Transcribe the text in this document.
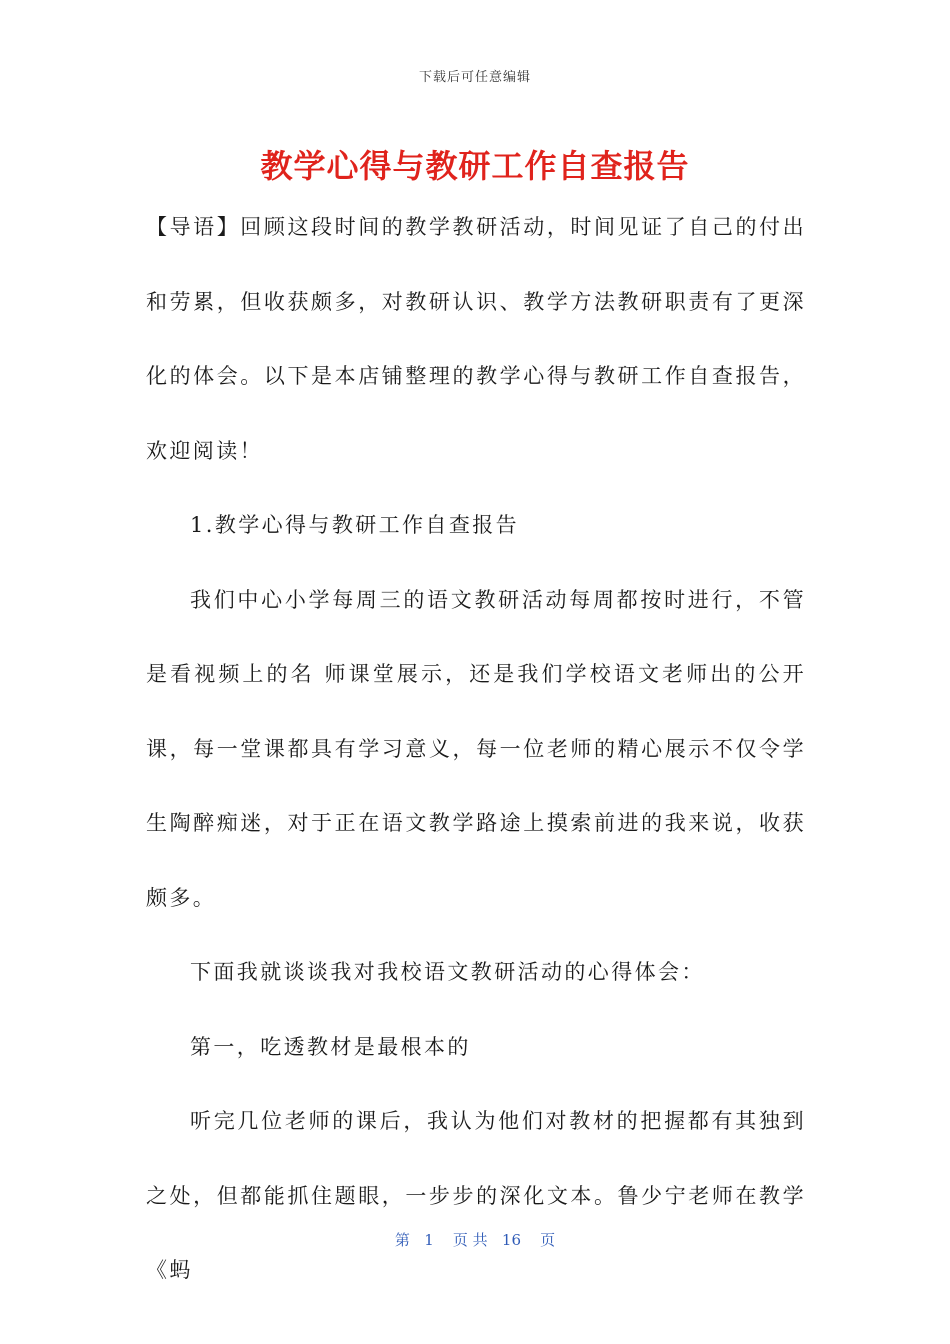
下载后可任意编辑
教学心得与教研工作自查报告

【导语】回顾这段时间的教学教研活动，时间见证了自己的付出和劳累，但收获颇多，对教研认识、教学方法教研职责有了更深化的体会。以下是本店铺整理的教学心得与教研工作自查报告，欢迎阅读！

1.教学心得与教研工作自查报告

我们中心小学每周三的语文教研活动每周都按时进行，不管是看视频上的名 师课堂展示，还是我们学校语文老师出的公开课，每一堂课都具有学习意义，每一位老师的精心展示不仅令学生陶醉痴迷，对于正在语文教学路途上摸索前进的我来说，收获颇多。

下面我就谈谈我对我校语文教研活动的心得体会：

第一，吃透教材是最根本的

听完几位老师的课后，我认为他们对教材的把握都有其独到之处，但都能抓住题眼，一步步的深化文本。鲁少宁老师在教学《蚂

第 1 页 共 16 页
